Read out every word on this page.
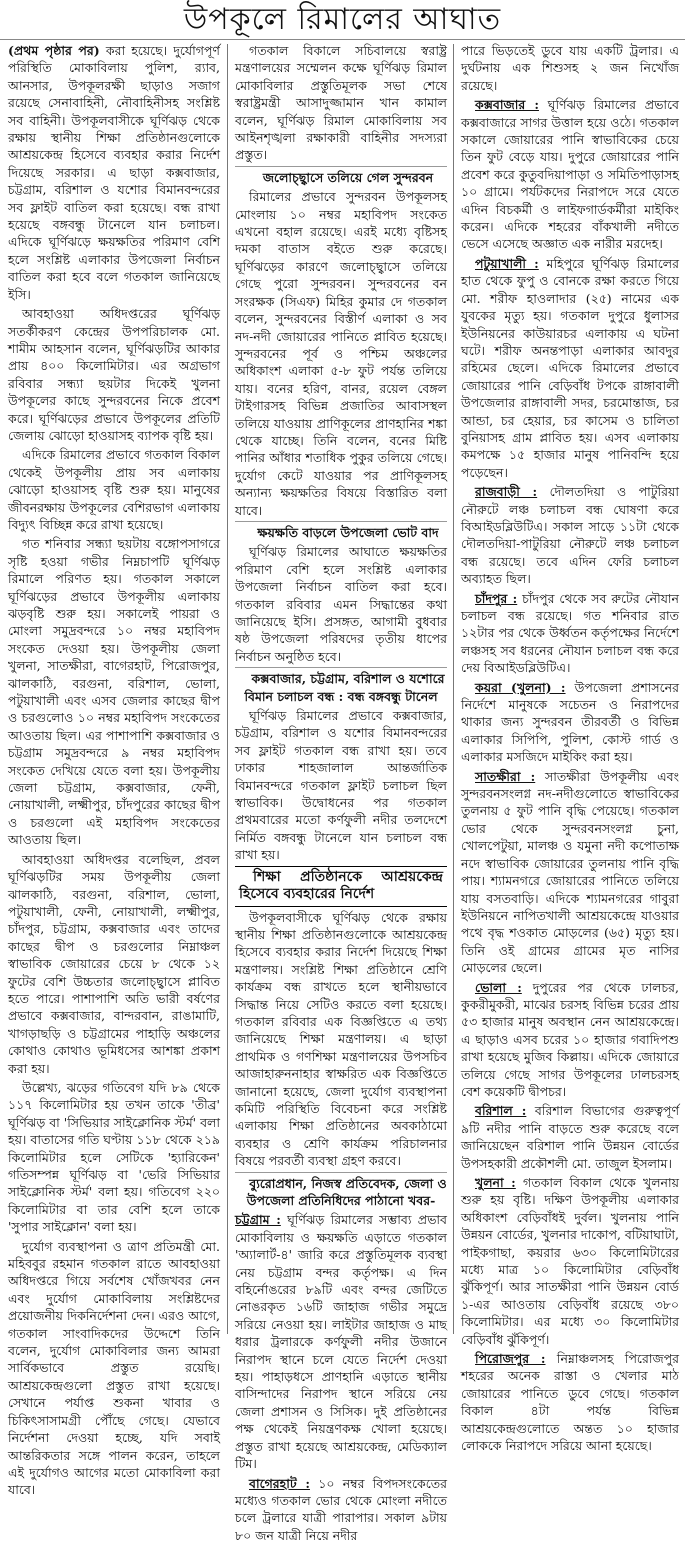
উপকূলে রিমালের আঘাত

(প্রথম পৃষ্ঠার পর) করা হয়েছে। দুর্যোগপূর্ণ পরিস্থিতি মোকাবিলায় পুলিশ, র‍্যাব, আনসার, উপকূলরক্ষী ছাড়াও সজাগ রয়েছে সেনাবাহিনী, নৌবাহিনীসহ সংশ্লিষ্ট সব বাহিনী। উপকূলবাসীকে ঘূর্ণিঝড় থেকে রক্ষায় স্থানীয় শিক্ষা প্রতিষ্ঠানগুলোকে আশ্রয়কেন্দ্র হিসেবে ব্যবহার করার নির্দেশ দিয়েছে সরকার। এ ছাড়া কক্সবাজার, চট্টগ্রাম, বরিশাল ও যশোর বিমানবন্দরের সব ফ্লাইট বাতিল করা হয়েছে। বন্ধ রাখা হয়েছে বঙ্গবন্ধু টানেলে যান চলাচল। এদিকে ঘূর্ণিঝড়ে ক্ষয়ক্ষতির পরিমাণ বেশি হলে সংশ্লিষ্ট এলাকার উপজেলা নির্বাচন বাতিল করা হবে বলে গতকাল জানিয়েছে ইসি।

আবহাওয়া অধিদপ্তরের ঘূর্ণিঝড় সতর্কীকরণ কেন্দ্রের উপপরিচালক মো. শামীম আহসান বলেন, ঘূর্ণিঝড়টির আকার প্রায় ৪০০ কিলোমিটার। এর অগ্রভাগ রবিবার সন্ধ্যা ছয়টার দিকেই খুলনা উপকূলের কাছে সুন্দরবনের নিকে প্রবেশ করে। ঘূর্ণিঝড়ের প্রভাবে উপকূলের প্রতিটি জেলায় ঝোড়ো হাওয়াসহ ব্যাপক বৃষ্টি হয়।

এদিকে রিমালের প্রভাবে গতকাল বিকাল থেকেই উপকূলীয় প্রায় সব এলাকায় ঝোড়ো হাওয়াসহ বৃষ্টি শুরু হয়। মানুষের জীবনরক্ষায় উপকূলের বেশিরভাগ এলাকায় বিদ্যুৎ বিচ্ছিন্ন করে রাখা হয়েছে।

গত শনিবার সন্ধ্যা ছয়টায় বঙ্গোপসাগরে সৃষ্টি হওয়া গভীর নিম্নচাপটি ঘূর্ণিঝড় রিমালে পরিণত হয়। গতকাল সকালে ঘূর্ণিঝড়ের প্রভাবে উপকূলীয় এলাকায় ঝড়বৃষ্টি শুরু হয়। সকালেই পায়রা ও মোংলা সমুদ্রবন্দরে ১০ নম্বর মহাবিপদ সংকেত দেওয়া হয়। উপকূলীয় জেলা খুলনা, সাতক্ষীরা, বাগেরহাট, পিরোজপুর, ঝালকাঠি, বরগুনা, বরিশাল, ভোলা, পটুয়াখালী এবং এসব জেলার কাছের দ্বীপ ও চরগুলোও ১০ নম্বর মহাবিপদ সংকেতের আওতায় ছিল। এর পাশাপাশি কক্সবাজার ও চট্টগ্রাম সমুদ্রবন্দরে ৯ নম্বর মহাবিপদ সংকেত দেখিয়ে যেতে বলা হয়। উপকূলীয় জেলা চট্টগ্রাম, কক্সবাজার, ফেনী, নোয়াখালী, লক্ষ্মীপুর, চাঁদপুরের কাছের দ্বীপ ও চরগুলো এই মহাবিপদ সংকেতের আওতায় ছিল।

আবহাওয়া অধিদপ্তর বলেছিল, প্রবল ঘূর্ণিঝড়টির সময় উপকূলীয় জেলা ঝালকাঠি, বরগুনা, বরিশাল, ভোলা, পটুয়াখালী, ফেনী, নোয়াখালী, লক্ষ্মীপুর, চাঁদপুর, চট্টগ্রাম, কক্সবাজার এবং তাদের কাছের দ্বীপ ও চরগুলোর নিম্নাঞ্চল স্বাভাবিক জোয়ারের চেয়ে ৮ থেকে ১২ ফুটের বেশি উচ্চতার জলোচ্ছ্বাসে প্লাবিত হতে পারে। পাশাপাশি অতি ভারী বর্ষণের প্রভাবে কক্সবাজার, বান্দরবান, রাঙামাটি, খাগড়াছড়ি ও চট্টগ্রামের পাহাড়ি অঞ্চলের কোথাও কোথাও ভূমিধসের আশঙ্কা প্রকাশ করা হয়।

উল্লেখ্য, ঝড়ের গতিবেগ যদি ৮৯ থেকে ১১৭ কিলোমিটার হয় তখন তাকে 'তীব্র' ঘূর্ণিঝড় বা 'সিভিয়ার সাইক্লোনিক স্টর্ম' বলা হয়। বাতাসের গতি ঘণ্টায় ১১৮ থেকে ২১৯ কিলোমিটার হলে সেটিকে 'হ্যারিকেন' গতিসম্পন্ন ঘূর্ণিঝড় বা 'ভেরি সিভিয়ার সাইক্লোনিক স্টর্ম' বলা হয়। গতিবেগ ২২০ কিলোমিটার বা তার বেশি হলে তাকে 'সুপার সাইক্লোন' বলা হয়।

দুর্যোগ ব্যবস্থাপনা ও ত্রাণ প্রতিমন্ত্রী মো. মহিববুর রহমান গতকাল রাতে আবহাওয়া অধিদপ্তরে গিয়ে সর্বশেষ খোঁজখবর নেন এবং দুর্যোগ মোকাবিলায় সংশ্লিষ্টদের প্রয়োজনীয় দিকনির্দেশনা দেন। এরও আগে, গতকাল সাংবাদিকদের উদ্দেশে তিনি বলেন, দুর্যোগ মোকাবিলার জন্য আমরা সার্বিকভাবে প্রস্তুত রয়েছি। আশ্রয়কেন্দ্রগুলো প্রস্তুত রাখা হয়েছে। সেখানে পর্যাপ্ত শুকনা খাবার ও চিকিৎসাসামগ্রী পৌঁছে গেছে। যেভাবে নির্দেশনা দেওয়া হচ্ছে, যদি সবাই আন্তরিকতার সঙ্গে পালন করেন, তাহলে এই দুর্যোগও আগের মতো মোকাবিলা করা যাবে।

গতকাল বিকালে সচিবালয়ে স্বরাষ্ট্র মন্ত্রণালয়ের সম্মেলন কক্ষে ঘূর্ণিঝড় রিমাল মোকাবিলার প্রস্তুতিমূলক সভা শেষে স্বরাষ্ট্রমন্ত্রী আসাদুজ্জামান খান কামাল বলেন, ঘূর্ণিঝড় রিমাল মোকাবিলায় সব আইনশৃঙ্খলা রক্ষাকারী বাহিনীর সদস্যরা প্রস্তুত।

জলোচ্ছ্বাসে তলিয়ে গেল সুন্দরবন

রিমালের প্রভাবে সুন্দরবন উপকূলসহ মোংলায় ১০ নম্বর মহাবিপদ সংকেত এখনো বহাল রয়েছে। এরই মধ্যে বৃষ্টিসহ দমকা বাতাস বইতে শুরু করেছে। ঘূর্ণিঝড়ের কারণে জলোচ্ছ্বাসে তলিয়ে গেছে পুরো সুন্দরবন। সুন্দরবনের বন সংরক্ষক (সিএফ) মিহির কুমার দে গতকাল বলেন, সুন্দরবনের বিস্তীর্ণ এলাকা ও সব নদ-নদী জোয়ারের পানিতে প্লাবিত হয়েছে। সুন্দরবনের পূর্ব ও পশ্চিম অঞ্চলের অধিকাংশ এলাকা ৫-৮ ফুট পর্যন্ত তলিয়ে যায়। বনের হরিণ, বানর, রয়েল বেঙ্গল টাইগারসহ বিভিন্ন প্রজাতির আবাসস্থল তলিয়ে যাওয়ায় প্রাণিকূলের প্রাণহানির শঙ্কা থেকে যাচ্ছে। তিনি বলেন, বনের মিষ্টি পানির আঁধার শতাধিক পুকুর তলিয়ে গেছে। দুর্যোগ কেটে যাওয়ার পর প্রাণিকূলসহ অন্যান্য ক্ষয়ক্ষতির বিষয়ে বিস্তারিত বলা যাবে।

ক্ষয়ক্ষতি বাড়লে উপজেলা ভোট বাদ

ঘূর্ণিঝড় রিমালের আঘাতে ক্ষয়ক্ষতির পরিমাণ বেশি হলে সংশ্লিষ্ট এলাকার উপজেলা নির্বাচন বাতিল করা হবে। গতকাল রবিবার এমন সিদ্ধান্তের কথা জানিয়েছে ইসি। প্রসঙ্গত, আগামী বুধবার ষষ্ঠ উপজেলা পরিষদের তৃতীয় ধাপের নির্বাচন অনুষ্ঠিত হবে।

কক্সবাজার, চট্টগ্রাম, বরিশাল ও যশোরে বিমান চলাচল বন্ধ : বন্ধ বঙ্গবন্ধু টানেল

ঘূর্ণিঝড় রিমালের প্রভাবে কক্সবাজার, চট্টগ্রাম, বরিশাল ও যশোর বিমানবন্দরের সব ফ্লাইট গতকাল বন্ধ রাখা হয়। তবে ঢাকার শাহজালাল আন্তর্জাতিক বিমানবন্দরে গতকাল ফ্লাইট চলাচল ছিল স্বাভাবিক। উদ্বোধনের পর গতকাল প্রথমবারের মতো কর্ণফুলী নদীর তলদেশে নির্মিত বঙ্গবন্ধু টানেলে যান চলাচল বন্ধ রাখা হয়।

শিক্ষা প্রতিষ্ঠানকে আশ্রয়কেন্দ্র হিসেবে ব্যবহারের নির্দেশ

উপকূলবাসীকে ঘূর্ণিঝড় থেকে রক্ষায় স্থানীয় শিক্ষা প্রতিষ্ঠানগুলোকে আশ্রয়কেন্দ্র হিসেবে ব্যবহার করার নির্দেশ দিয়েছে শিক্ষা মন্ত্রণালয়। সংশ্লিষ্ট শিক্ষা প্রতিষ্ঠানে শ্রেণি কার্যক্রম বন্ধ রাখতে হলে স্থানীয়ভাবে সিদ্ধান্ত নিয়ে সেটিও করতে বলা হয়েছে। গতকাল রবিবার এক বিজ্ঞপ্তিতে এ তথ্য জানিয়েছে শিক্ষা মন্ত্রণালয়। এ ছাড়া প্রাথমিক ও গণশিক্ষা মন্ত্রণালয়ের উপসচিব আজাহারুননাহার স্বাক্ষরিত এক বিজ্ঞপ্তিতে জানানো হয়েছে, জেলা দুর্যোগ ব্যবস্থাপনা কমিটি পরিস্থিতি বিবেচনা করে সংশ্লিষ্ট এলাকায় শিক্ষা প্রতিষ্ঠানের অবকাঠামো ব্যবহার ও শ্রেণি কার্যক্রম পরিচালনার বিষয়ে পরবর্তী ব্যবস্থা গ্রহণ করবে।

ব্যুরোপ্রধান, নিজস্ব প্রতিবেদক, জেলা ও উপজেলা প্রতিনিধিদের পাঠানো খবর-

চট্টগ্রাম : ঘূর্ণিঝড় রিমালের সম্ভাব্য প্রভাব মোকাবিলায় ও ক্ষয়ক্ষতি এড়াতে গতকাল 'অ্যালার্ট-৪' জারি করে প্রস্তুতিমূলক ব্যবস্থা নেয় চট্টগ্রাম বন্দর কর্তৃপক্ষ। এ দিন বহির্নোঙরের ৮৯টি এবং বন্দর জেটিতে নোঙরকৃত ১৬টি জাহাজ গভীর সমুদ্রে সরিয়ে নেওয়া হয়। লাইটার জাহাজ ও মাছ ধরার ট্রলারকে কর্ণফুলী নদীর উজানে নিরাপদ স্থানে চলে যেতে নির্দেশ দেওয়া হয়। পাহাড়ধসে প্রাণহানি এড়াতে স্থানীয় বাসিন্দাদের নিরাপদ স্থানে সরিয়ে নেয় জেলা প্রশাসন ও সিসিক। দুই প্রতিষ্ঠানের পক্ষ থেকেই নিয়ন্ত্রণকক্ষ খোলা হয়েছে। প্রস্তুত রাখা হয়েছে আশ্রয়কেন্দ্র, মেডিক্যাল টিম।

বাগেরহাট : ১০ নম্বর বিপদসংকেতের মধ্যেও গতকাল ভোর থেকে মোংলা নদীতে চলে ট্রলারে যাত্রী পারাপার। সকাল ৯টায় ৮০ জন যাত্রী নিয়ে নদীর

পারে ভিড়তেই ডুবে যায় একটি ট্রলার। এ দুর্ঘটনায় এক শিশুসহ ২ জন নিখোঁজ রয়েছে।

কক্সবাজার : ঘূর্ণিঝড় রিমালের প্রভাবে কক্সবাজারে সাগর উত্তাল হয়ে ওঠে। গতকাল সকালে জোয়ারের পানি স্বাভাবিকের চেয়ে তিন ফুট বেড়ে যায়। দুপুরে জোয়ারের পানি প্রবেশ করে কুতুবদিয়াপাড়া ও সমিতিপাড়াসহ ১০ গ্রামে। পর্যটকদের নিরাপদে সরে যেতে এদিন বিচকর্মী ও লাইফগার্ডকর্মীরা মাইকিং করেন। এদিকে শহরের বাঁকখালী নদীতে ভেসে এসেছে অজ্ঞাত এক নারীর মরদেহ।

পটুয়াখালী : মহিপুরে ঘূর্ণিঝড় রিমালের হাত থেকে ফুপু ও বোনকে রক্ষা করতে গিয়ে মো. শরীফ হাওলাদার (২৫) নামের এক যুবকের মৃত্যু হয়। গতকাল দুপুরে ধুলাসর ইউনিয়নের কাউয়ারচর এলাকায় এ ঘটনা ঘটে। শরীফ অনন্তপাড়া এলাকার আবদুর রহিমের ছেলে। এদিকে রিমালের প্রভাবে জোয়ারের পানি বেড়িবাঁধ টপকে রাঙ্গাবালী উপজেলার রাঙ্গাবালী সদর, চরমোন্তাজ, চর আন্ডা, চর হেয়ার, চর কাসেম ও চালিতা বুনিয়াসহ গ্রাম প্লাবিত হয়। এসব এলাকায় কমপক্ষে ১৫ হাজার মানুষ পানিবন্দি হয়ে পড়েছেন।

রাজবাড়ী : দৌলতদিয়া ও পাটুরিয়া নৌরুটে লঞ্চ চলাচল বন্ধ ঘোষণা করে বিআইডব্লিউটিএ। সকাল সাড়ে ১১টা থেকে দৌলতদিয়া-পাটুরিয়া নৌরুটে লঞ্চ চলাচল বন্ধ রয়েছে। তবে এদিন ফেরি চলাচল অব্যাহত ছিল।

চাঁদপুর : চাঁদপুর থেকে সব রুটের নৌযান চলাচল বন্ধ রয়েছে। গত শনিবার রাত ১২টার পর থেকে উর্ধ্বতন কর্তৃপক্ষের নির্দেশে লঞ্চসহ সব ধরনের নৌযান চলাচল বন্ধ করে দেয় বিআইডব্লিউটিএ।

কয়রা (খুলনা) : উপজেলা প্রশাসনের নির্দেশে মানুষকে সচেতন ও নিরাপদের থাকার জন্য সুন্দরবন তীরবর্তী ও বিভিন্ন এলাকার সিপিপি, পুলিশ, কোস্ট গার্ড ও এলাকার মসজিদে মাইকিং করা হয়।

সাতক্ষীরা : সাতক্ষীরা উপকূলীয় এবং সুন্দরবনসংলগ্ন নদ-নদীগুলোতে স্বাভাবিকের তুলনায় ৫ ফুট পানি বৃদ্ধি পেয়েছে। গতকাল ভোর থেকে সুন্দরবনসংলগ্ন চুনা, খোলপেটুয়া, মালঞ্চ ও যমুনা নদী কপোতাক্ষ নদে স্বাভাবিক জোয়ারের তুলনায় পানি বৃদ্ধি পায়। শ্যামনগরে জোয়ারের পানিতে তলিয়ে যায় বসতবাড়ি। এদিকে শ্যামনগরের গাবুরা ইউনিয়নে নাপিতখালী আশ্রয়কেন্দ্রে যাওয়ার পথে বৃদ্ধ শওকাত মোড়লের (৬৫) মৃত্যু হয়। তিনি ওই গ্রামের গ্রামের মৃত নাসির মোড়লের ছেলে।

ভোলা : দুপুরের পর থেকে ঢালচর, কুকরীমুকরী, মাঝের চরসহ বিভিন্ন চরের প্রায় ৫৩ হাজার মানুষ অবস্থান নেন আশ্রয়কেন্দ্রে। এ ছাড়াও এসব চরের ১০ হাজার গবাদিপশু রাখা হয়েছে মুজিব কিল্লায়। এদিকে জোয়ারে তলিয়ে গেছে সাগর উপকূলের ঢালচরসহ বেশ কয়েকটি দ্বীপচর।

বরিশাল : বরিশাল বিভাগের গুরুত্বপূর্ণ ৯টি নদীর পানি বাড়তে শুরু করেছে বলে জানিয়েছেন বরিশাল পানি উন্নয়ন বোর্ডের উপসহকারী প্রকৌশলী মো. তাজুল ইসলাম।

খুলনা : গতকাল বিকাল থেকে খুলনায় শুরু হয় বৃষ্টি। দক্ষিণ উপকূলীয় এলাকার অধিকাংশ বেড়িবাঁধই দুর্বল। খুলনায় পানি উন্নয়ন বোর্ডের, খুলনার দাকোপ, বটিয়াঘাটা, পাইকগাছা, কয়রার ৬৩০ কিলোমিটারের মধ্যে মাত্র ১০ কিলোমিটার বেড়িবাঁধ ঝুঁকিপূর্ণ। আর সাতক্ষীরা পানি উন্নয়ন বোর্ড ১-এর আওতায় বেড়িবাঁধ রয়েছে ৩৮০ কিলোমিটার। এর মধ্যে ৩০ কিলোমিটার বেড়িবাঁধ ঝুঁকিপূর্ণ।

পিরোজপুর : নিম্নাঞ্চলসহ পিরোজপুর শহরের অনেক রাস্তা ও খেলার মাঠ জোয়ারের পানিতে ডুবে গেছে। গতকাল বিকাল ৪টা পর্যন্ত বিভিন্ন আশ্রয়কেন্দ্রগুলোতে অন্তত ১০ হাজার লোককে নিরাপদে সরিয়ে আনা হয়েছে।
